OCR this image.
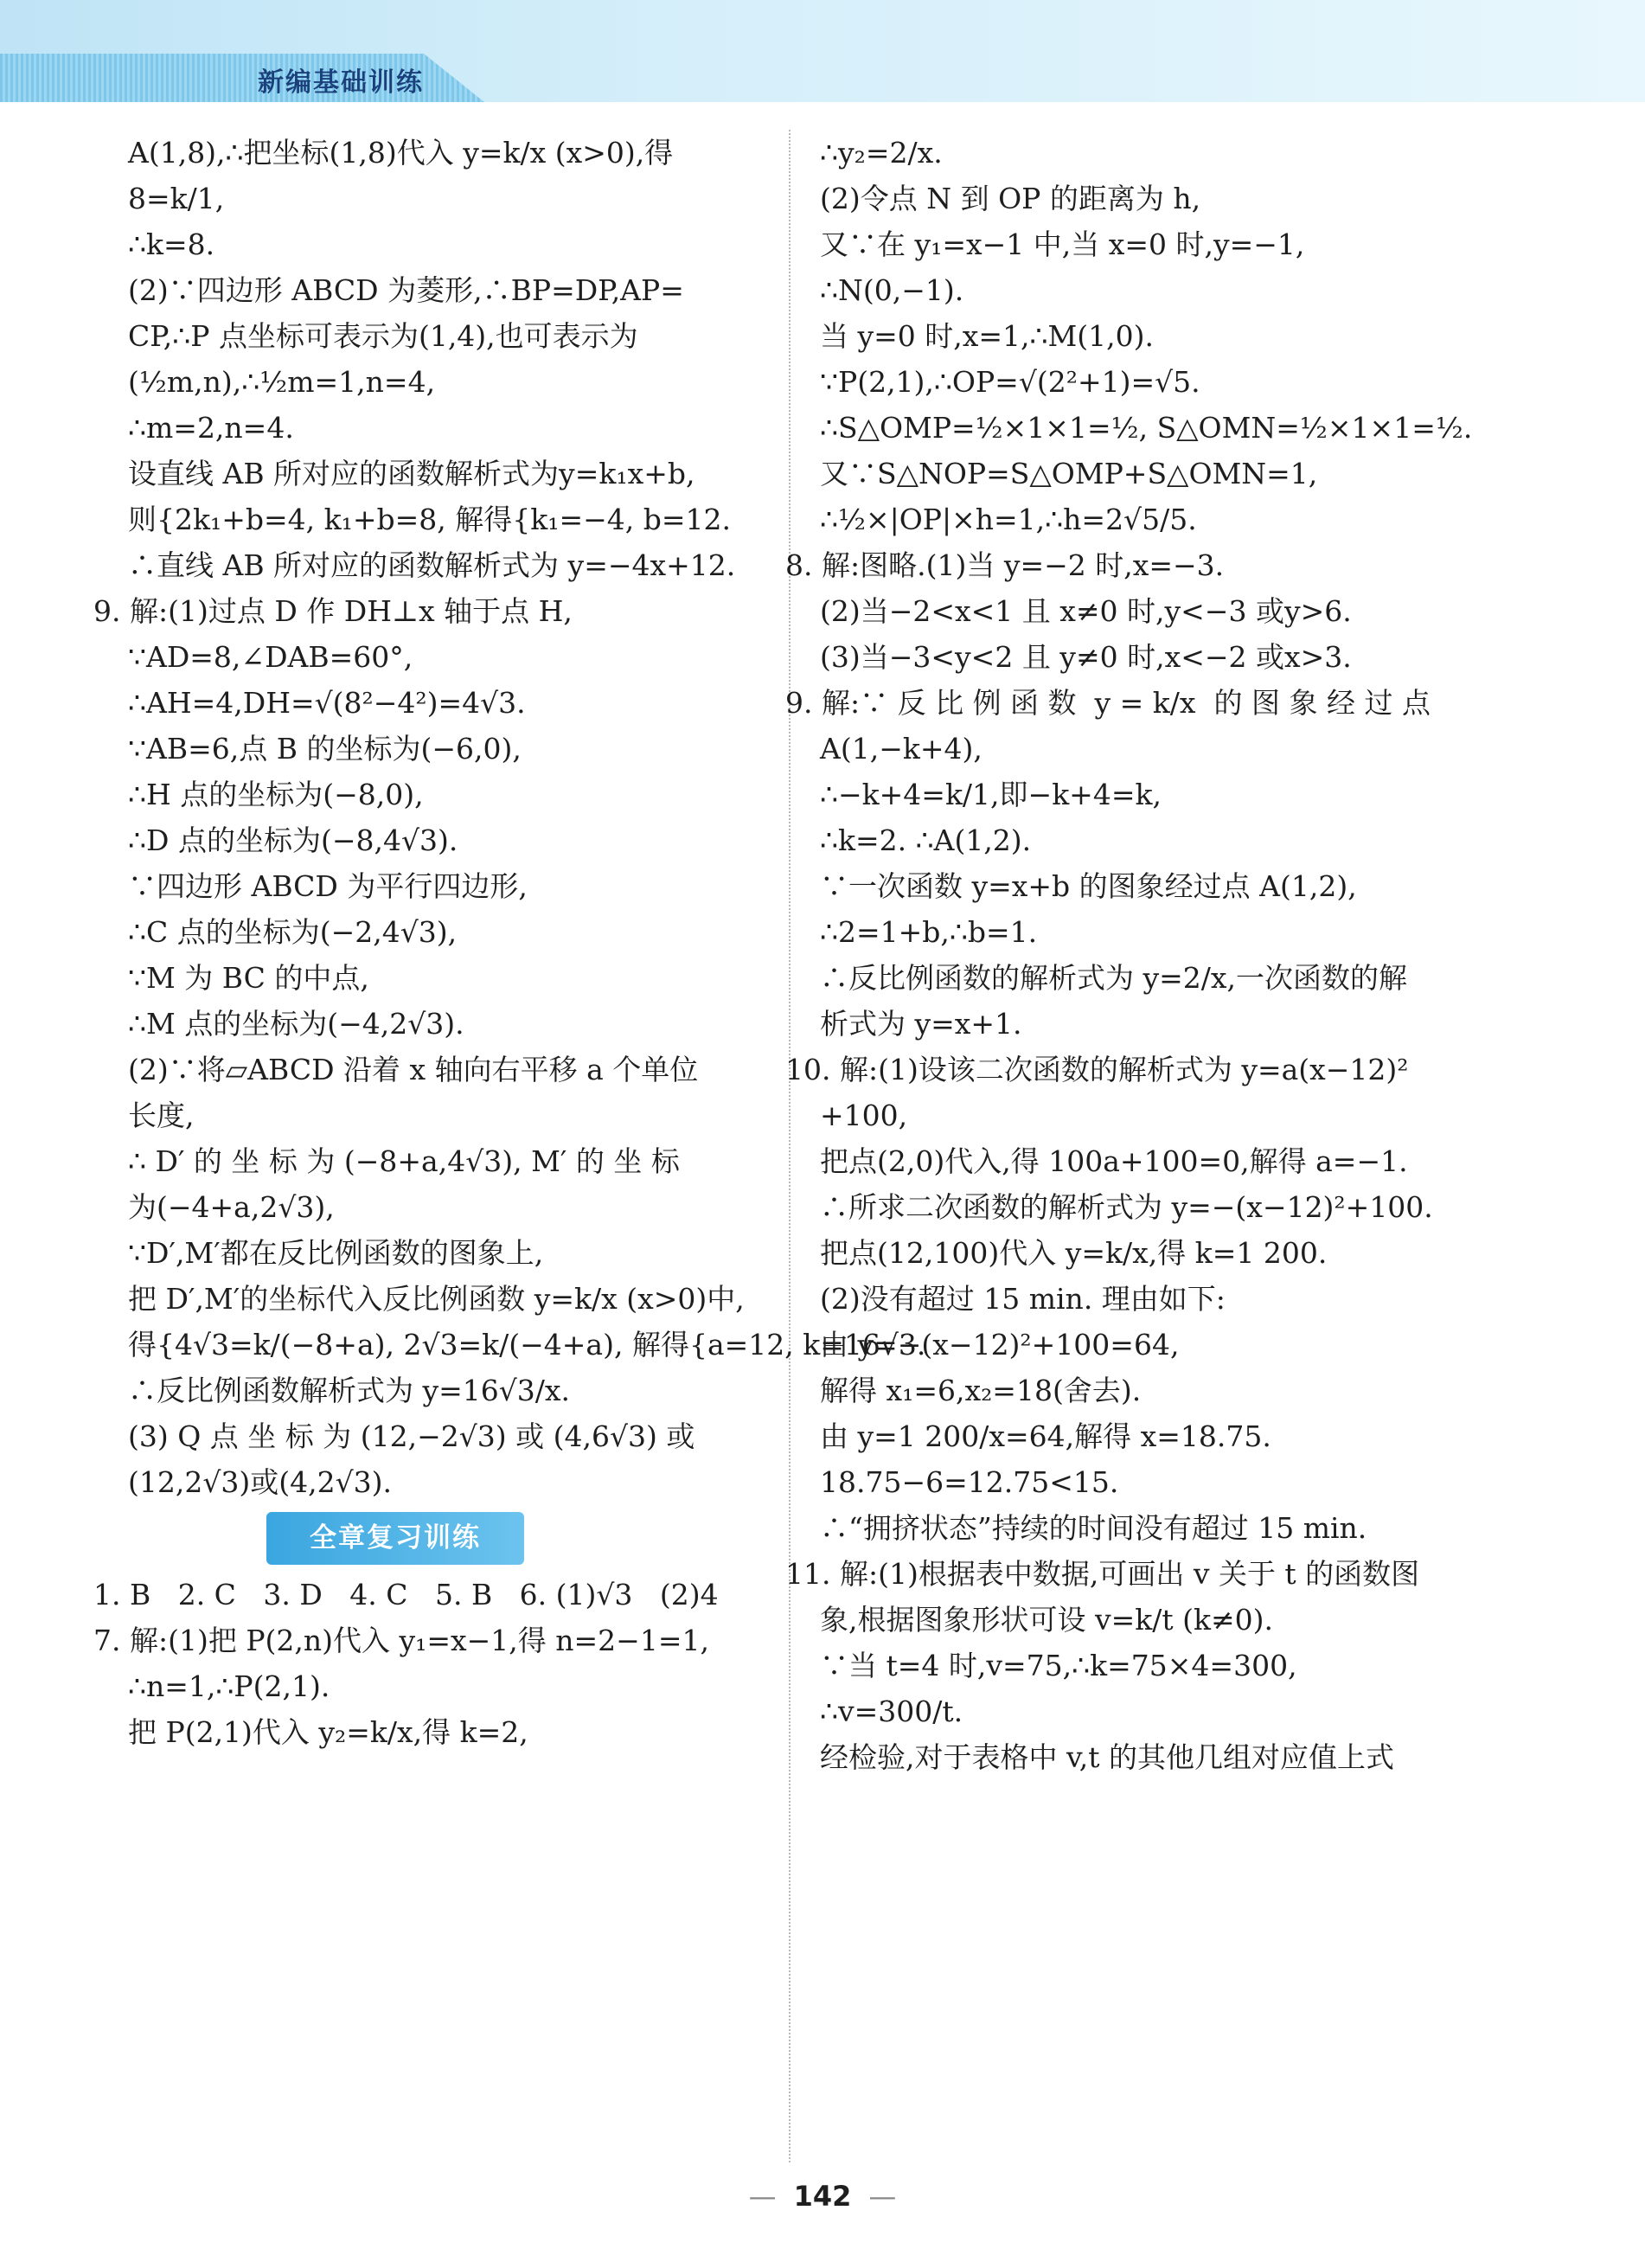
新编基础训练
A(1,8),∴把坐标(1,8)代入 y=k/x (x>0),得
8=k/1,
∴k=8.
(2)∵四边形 ABCD 为菱形,∴BP=DP,AP=
CP,∴P 点坐标可表示为(1,4),也可表示为
(½m,n),∴½m=1,n=4,
∴m=2,n=4.
设直线 AB 所对应的函数解析式为y=k₁x+b,
则{2k₁+b=4, k₁+b=8, 解得{k₁=−4, b=12.
∴直线 AB 所对应的函数解析式为 y=−4x+12.
9. 解:(1)过点 D 作 DH⊥x 轴于点 H,
∵AD=8,∠DAB=60°,
∴AH=4,DH=√(8²−4²)=4√3.
∵AB=6,点 B 的坐标为(−6,0),
∴H 点的坐标为(−8,0),
∴D 点的坐标为(−8,4√3).
∵四边形 ABCD 为平行四边形,
∴C 点的坐标为(−2,4√3),
∵M 为 BC 的中点,
∴M 点的坐标为(−4,2√3).
(2)∵将▱ABCD 沿着 x 轴向右平移 a 个单位
长度,
∴ D′ 的 坐 标 为 (−8+a,4√3), M′ 的 坐 标
为(−4+a,2√3),
∵D′,M′都在反比例函数的图象上,
把 D′,M′的坐标代入反比例函数 y=k/x (x>0)中,
得{4√3=k/(−8+a), 2√3=k/(−4+a), 解得{a=12, k=16√3.
∴反比例函数解析式为 y=16√3/x.
(3) Q 点 坐 标 为 (12,−2√3) 或 (4,6√3) 或
(12,2√3)或(4,2√3).
全章复习训练
1. B   2. C   3. D   4. C   5. B   6. (1)√3   (2)4
7. 解:(1)把 P(2,n)代入 y₁=x−1,得 n=2−1=1,
∴n=1,∴P(2,1).
把 P(2,1)代入 y₂=k/x,得 k=2,
∴y₂=2/x.
(2)令点 N 到 OP 的距离为 h,
又∵在 y₁=x−1 中,当 x=0 时,y=−1,
∴N(0,−1).
当 y=0 时,x=1,∴M(1,0).
∵P(2,1),∴OP=√(2²+1)=√5.
∴S△OMP=½×1×1=½, S△OMN=½×1×1=½.
又∵S△NOP=S△OMP+S△OMN=1,
∴½×|OP|×h=1,∴h=2√5/5.
8. 解:图略.(1)当 y=−2 时,x=−3.
(2)当−2<x<1 且 x≠0 时,y<−3 或y>6.
(3)当−3<y<2 且 y≠0 时,x<−2 或x>3.
9. 解:∵ 反 比 例 函 数  y = k/x  的 图 象 经 过 点
A(1,−k+4),
∴−k+4=k/1,即−k+4=k,
∴k=2. ∴A(1,2).
∵一次函数 y=x+b 的图象经过点 A(1,2),
∴2=1+b,∴b=1.
∴反比例函数的解析式为 y=2/x,一次函数的解
析式为 y=x+1.
10. 解:(1)设该二次函数的解析式为 y=a(x−12)²
+100,
把点(2,0)代入,得 100a+100=0,解得 a=−1.
∴所求二次函数的解析式为 y=−(x−12)²+100.
把点(12,100)代入 y=k/x,得 k=1 200.
(2)没有超过 15 min. 理由如下:
由 y=−(x−12)²+100=64,
解得 x₁=6,x₂=18(舍去).
由 y=1 200/x=64,解得 x=18.75.
18.75−6=12.75<15.
∴“拥挤状态”持续的时间没有超过 15 min.
11. 解:(1)根据表中数据,可画出 v 关于 t 的函数图
象,根据图象形状可设 v=k/t (k≠0).
∵当 t=4 时,v=75,∴k=75×4=300,
∴v=300/t.
经检验,对于表格中 v,t 的其他几组对应值上式
— 142 —
